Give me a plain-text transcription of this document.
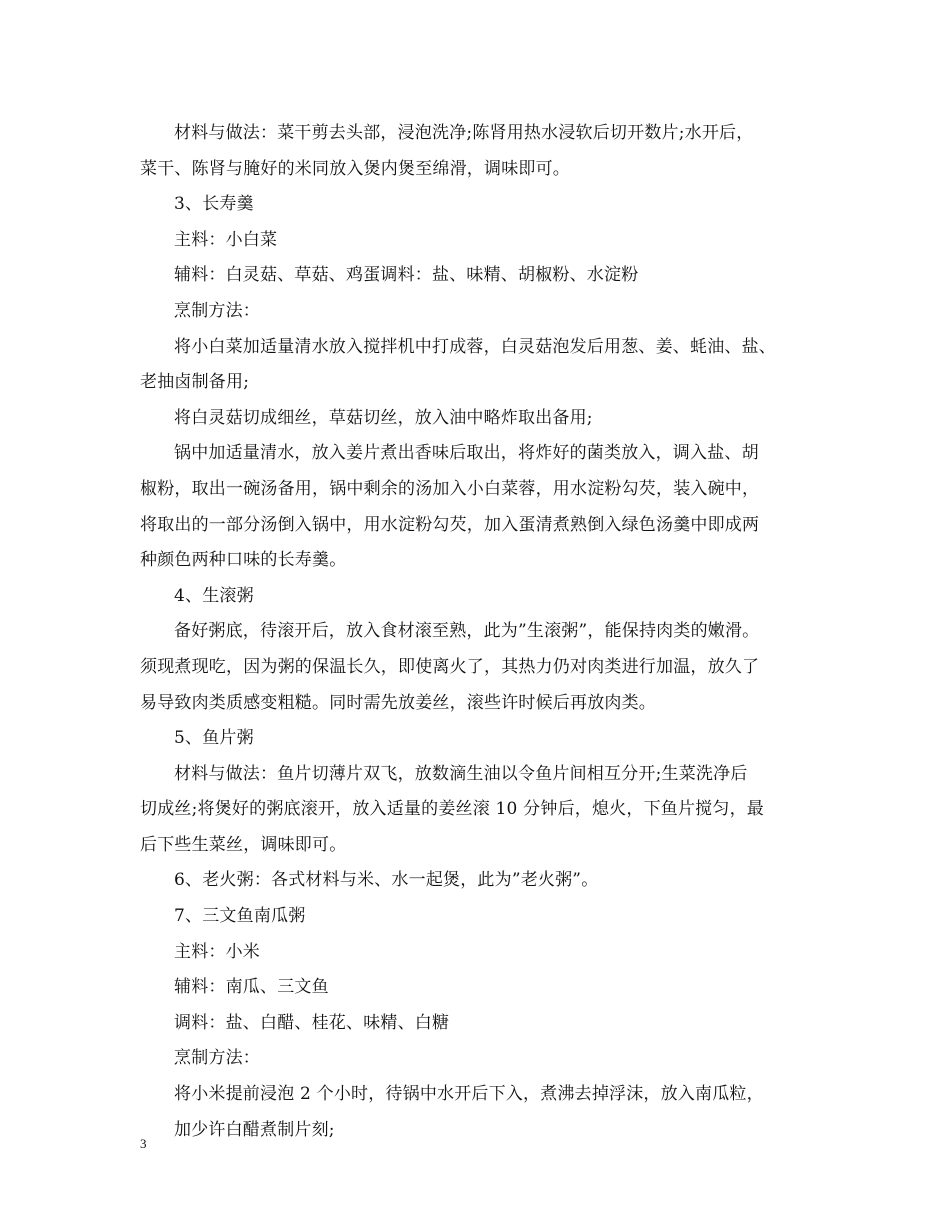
材料与做法：菜干剪去头部，浸泡洗净;陈肾用热水浸软后切开数片;水开后，
菜干、陈肾与腌好的米同放入煲内煲至绵滑，调味即可。
3、长寿羹
主料：小白菜
辅料：白灵菇、草菇、鸡蛋调料：盐、味精、胡椒粉、水淀粉
烹制方法：
将小白菜加适量清水放入搅拌机中打成蓉，白灵菇泡发后用葱、姜、蚝油、盐、
老抽卤制备用;
将白灵菇切成细丝，草菇切丝，放入油中略炸取出备用;
锅中加适量清水，放入姜片煮出香味后取出，将炸好的菌类放入，调入盐、胡
椒粉，取出一碗汤备用，锅中剩余的汤加入小白菜蓉，用水淀粉勾芡，装入碗中，
将取出的一部分汤倒入锅中，用水淀粉勾芡，加入蛋清煮熟倒入绿色汤羹中即成两
种颜色两种口味的长寿羹。
4、生滚粥
备好粥底，待滚开后，放入食材滚至熟，此为”生滚粥”，能保持肉类的嫩滑。
须现煮现吃，因为粥的保温长久，即使离火了，其热力仍对肉类进行加温，放久了
易导致肉类质感变粗糙。同时需先放姜丝，滚些许时候后再放肉类。
5、鱼片粥
材料与做法：鱼片切薄片双飞，放数滴生油以令鱼片间相互分开;生菜洗净后
切成丝;将煲好的粥底滚开，放入适量的姜丝滚 10 分钟后，熄火，下鱼片搅匀，最
后下些生菜丝，调味即可。
6、老火粥：各式材料与米、水一起煲，此为”老火粥”。
7、三文鱼南瓜粥
主料：小米
辅料：南瓜、三文鱼
调料：盐、白醋、桂花、味精、白糖
烹制方法：
将小米提前浸泡 2 个小时，待锅中水开后下入，煮沸去掉浮沫，放入南瓜粒，
加少许白醋煮制片刻;
3
